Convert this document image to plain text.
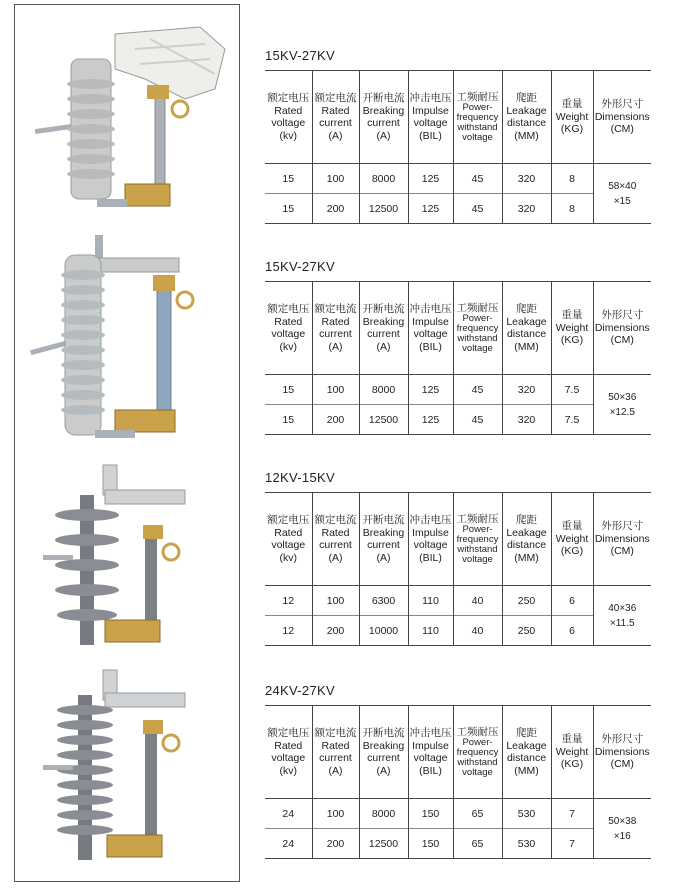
15KV-27KV
额定电压
Rated
voltage
(kv)	额定电流
Rated
current
(A)	开断电流
Breaking
current
(A)	冲击电压
Impulse
voltage
(BIL)	工频耐压
Power-
frequency
withstand
voltage	爬距
Leakage
distance
(MM)	重量
Weight
(KG)	外形尺寸
Dimensions
(CM)

15	100	8000	125	45	320	8	58×40
×15

15	200	12500	125	45	320	8	
15KV-27KV
额定电压
Rated
voltage
(kv)	额定电流
Rated
current
(A)	开断电流
Breaking
current
(A)	冲击电压
Impulse
voltage
(BIL)	工频耐压
Power-
frequency
withstand
voltage	爬距
Leakage
distance
(MM)	重量
Weight
(KG)	外形尺寸
Dimensions
(CM)

15	100	8000	125	45	320	7.5	50×36
×12.5

15	200	12500	125	45	320	7.5	
12KV-15KV
额定电压
Rated
voltage
(kv)	额定电流
Rated
current
(A)	开断电流
Breaking
current
(A)	冲击电压
Impulse
voltage
(BIL)	工频耐压
Power-
frequency
withstand
voltage	爬距
Leakage
distance
(MM)	重量
Weight
(KG)	外形尺寸
Dimensions
(CM)

12	100	6300	110	40	250	6	40×36
×11.5

12	200	10000	110	40	250	6	
24KV-27KV
额定电压
Rated
voltage
(kv)	额定电流
Rated
current
(A)	开断电流
Breaking
current
(A)	冲击电压
Impulse
voltage
(BIL)	工频耐压
Power-
frequency
withstand
voltage	爬距
Leakage
distance
(MM)	重量
Weight
(KG)	外形尺寸
Dimensions
(CM)

24	100	8000	150	65	530	7	50×38
×16

24	200	12500	150	65	530	7	
